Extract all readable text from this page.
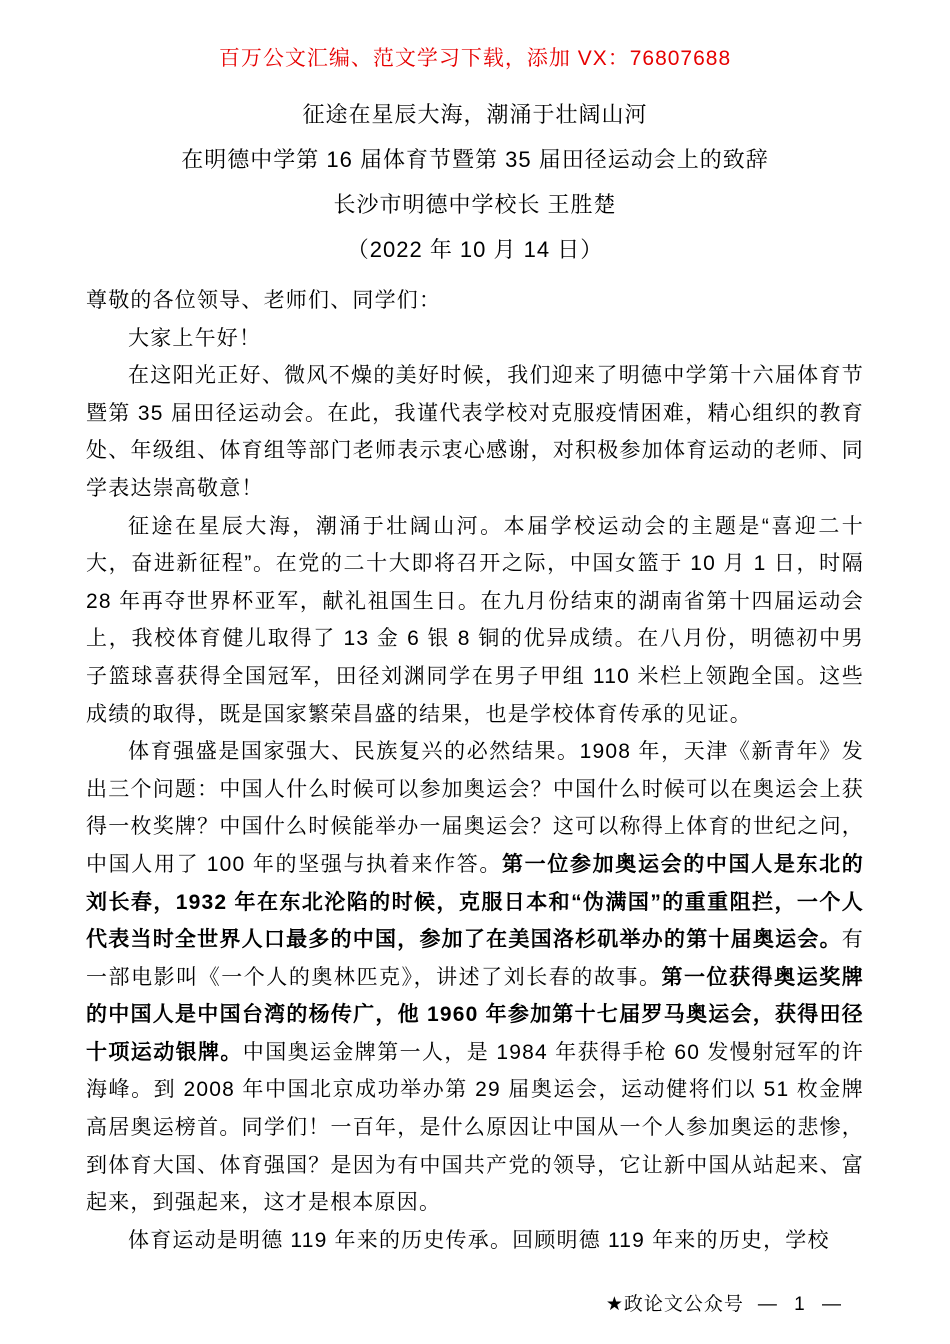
百万公文汇编、范文学习下载，添加 VX：76807688
征途在星辰大海，潮涌于壮阔山河
在明德中学第 16 届体育节暨第 35 届田径运动会上的致辞
长沙市明德中学校长 王胜楚
（2022 年 10 月 14 日）

尊敬的各位领导、老师们、同学们：

大家上午好！

在这阳光正好、微风不燥的美好时候，我们迎来了明德中学第十六届体育节暨第 35 届田径运动会。在此，我谨代表学校对克服疫情困难，精心组织的教育处、年级组、体育组等部门老师表示衷心感谢，对积极参加体育运动的老师、同学表达崇高敬意！

征途在星辰大海，潮涌于壮阔山河。本届学校运动会的主题是“喜迎二十大，奋进新征程”。在党的二十大即将召开之际，中国女篮于 10 月 1 日，时隔 28 年再夺世界杯亚军，献礼祖国生日。在九月份结束的湖南省第十四届运动会上，我校体育健儿取得了 13 金 6 银 8 铜的优异成绩。在八月份，明德初中男子篮球喜获得全国冠军，田径刘渊同学在男子甲组 110 米栏上领跑全国。这些成绩的取得，既是国家繁荣昌盛的结果，也是学校体育传承的见证。

体育强盛是国家强大、民族复兴的必然结果。1908 年，天津《新青年》发出三个问题：中国人什么时候可以参加奥运会？中国什么时候可以在奥运会上获得一枚奖牌？中国什么时候能举办一届奥运会？这可以称得上体育的世纪之问，中国人用了 100 年的坚强与执着来作答。第一位参加奥运会的中国人是东北的刘长春，1932 年在东北沦陷的时候，克服日本和“伪满国”的重重阻拦，一个人代表当时全世界人口最多的中国，参加了在美国洛杉矶举办的第十届奥运会。有一部电影叫《一个人的奥林匹克》，讲述了刘长春的故事。第一位获得奥运奖牌的中国人是中国台湾的杨传广，他 1960 年参加第十七届罗马奥运会，获得田径十项运动银牌。中国奥运金牌第一人，是 1984 年获得手枪 60 发慢射冠军的许海峰。到 2008 年中国北京成功举办第 29 届奥运会，运动健将们以 51 枚金牌高居奥运榜首。同学们！一百年，是什么原因让中国从一个人参加奥运的悲惨，到体育大国、体育强国？是因为有中国共产党的领导，它让新中国从站起来、富起来，到强起来，这才是根本原因。

体育运动是明德 119 年来的历史传承。回顾明德 119 年来的历史，学校

★政论文公众号 — 1 —
